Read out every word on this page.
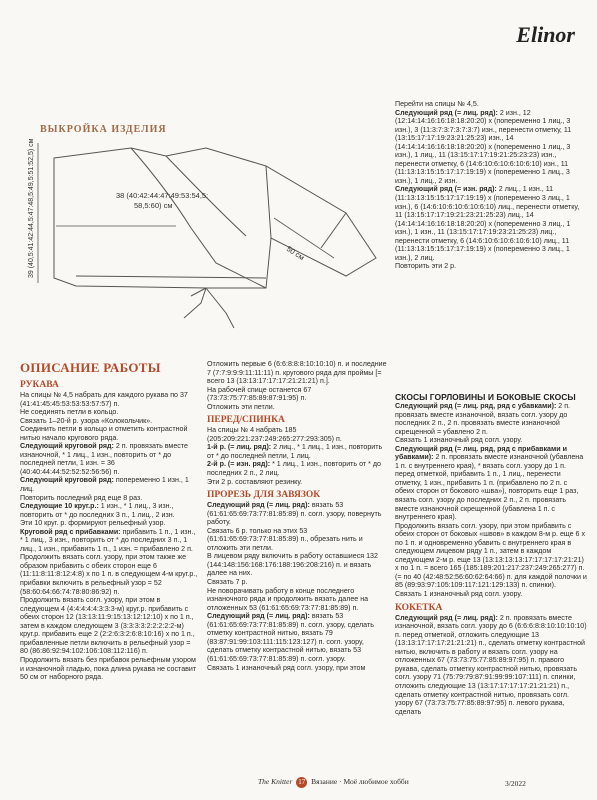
Elinor
ВЫКРОЙКА ИЗДЕЛИЯ
38 (40:42:44:47:49:53:54,5:
58,5:60) см
50 см
39 (40,5:41:42:44,5:47:48,5:49,5:51:52,5) см

Перейти на спицы № 4,5.

Следующий ряд (= лиц. ряд): 2 изн., 12 (12:14:14:16:16:18:18:20:20) х (попеременно 1 лиц., 3 изн.), 3 (11:3:7:3:7:3:7:3:7) изн., перенести отметку, 11 (13:15:17:17:19:23:21:25:23) изн., 14 (14:14:14:16:16:18:18:20:20) х (попеременно 1 лиц., 3 изн.), 1 лиц., 11 (13:15:17:17:19:21:25:23:23) изн., перенести отметку, 6 (14:6:10:6:10:6:10:6:10) изн., 11 (11:13:13:15:15:17:17:19:19) х (попеременно 1 лиц., 3 изн.), 1 лиц., 2 изн.

Следующий ряд (= изн. ряд): 2 лиц., 1 изн., 11 (11:13:13:15:15:17:17:19:19) х (попеременно 3 лиц., 1 изн.), 6 (14:6:10:6:10:6:10:6:10) лиц., перенести отметку, 11 (13:15:17:17:19:21:23:21:25:23) лиц., 14 (14:14:14:16:16:18:18:20:20) х (попеременно 3 лиц., 1 изн.), 1 изн., 11 (13:15:17:17:19:23:21:25:23) лиц., перенести отметку, 6 (14:6:10:6:10:6:10:6:10) лиц., 11 (11:13:13:15:15:17:17:19:19) х (попеременно 3 лиц., 1 изн.), 2 лиц.

Повторить эти 2 р.

ОПИСАНИЕ РАБОТЫ

РУКАВА

На спицы № 4,5 набрать для каждого рукава по 37 (41:41:45:45:53:53:53:57:57) п.

Не соединять петли в кольцо.

Связать 1–20-й р. узора «Колокольчик».

Соединить петли в кольцо и отметить контрастной нитью начало кругового ряда.

Следующий круговой ряд: 2 п. провязать вместе изнаночной, * 1 лиц., 1 изн., повторить от * до последней петли, 1 изн. = 36 (40:40:44:44:52:52:52:56:56) п.

Следующий круговой ряд: попеременно 1 изн., 1 лиц.

Повторить последний ряд еще 8 раз.

Следующие 10 круг.р.: 1 изн., * 1 лиц., 3 изн., повторить от * до последних 3 п., 1 лиц., 2 изн.

Эти 10 круг. р. формируют рельефный узор.

Круговой ряд с прибавками: прибавить 1 п., 1 изн., * 1 лиц., 3 изн., повторить от * до последних 3 п., 1 лиц., 1 изн., прибавить 1 п., 1 изн. = прибавлено 2 п.

Продолжить вязать согл. узору, при этом также же образом прибавить с обеих сторон еще 6 (11:11:8:11:8:12:4:8) х по 1 п. в следующем 4-м круг.р., прибавки включить в рельефный узор = 52 (58:60:64:66:74:78:80:86:92) п.

Продолжить вязать согл. узору, при этом в следующем 4 (4:4:4:4:4:3:3:3-м) круг.р. прибавить с обеих сторон 12 (13:13:11:9:15:13:12:12:10) х по 1 п., затем в каждом следующем 3 (3:3:3:3:2:2:2:2:2-м) круг.р. прибавить еще 2 (2:2:6:3:2:6:8:10:16) х по 1 п., прибавленные петли включить в рельефный узор = 80 (86:86:92:94:102:106:108:112:116) п.

Продолжить вязать без прибавок рельефным узором и изнаночной гладью, пока длина рукава не составит 50 см от наборного ряда.

Отложить первые 6 (6:6:8:8:8:10:10:10) п. и последние 7 (7:7:9:9:9:11:11:11) п. кругового ряда для проймы [= всего 13 (13:13:17:17:17:21:21:21) п.].

На рабочей спице останется 67 (73:73:75:77:85:89:87:91:95) п.

Отложить эти петли.

ПЕРЕД/СПИНКА

На спицы № 4 набрать 185 (205:209:221:237:249:265:277:293:305) п.

1-й р. (= лиц. ряд): 2 лиц., * 1 лиц., 1 изн., повторить от * до последней петли, 1 лиц.

2-й р. (= изн. ряд): * 1 лиц., 1 изн., повторить от * до последних 2 п., 2 лиц.

Эти 2 р. составляют резинку.

ПРОРЕЗЬ ДЛЯ ЗАВЯЗОК

Следующий ряд (= лиц. ряд): вязать 53 (61:61:65:69:73:77:81:85:89) п. согл. узору, повернуть работу.

Связать 6 р. только на этих 53 (61:61:65:69:73:77:81:85:89) п., обрезать нить и отложить эти петли.

В лицевом ряду включить в работу оставшиеся 132 (144:148:156:168:176:188:196:208:216) п. и вязать далее на них.

Связать 7 р.

Не поворачивать работу в конце последнего изнаночного ряда и продолжить вязать далее на отложенных 53 (61:61:65:69:73:77:81:85:89) п.

Следующий ряд (= лиц. ряд): вязать 53 (61:61:65:69:73:77:81:85:89) п. согл. узору, сделать отметку контрастной нитью, вязать 79 (83:87:91:99:103:111:115:123:127) п. согл. узору, сделать отметку контрастной нитью, вязать 53 (61:61:65:69:73:77:81:85:89) п. согл. узору.

Связать 1 изнаночный ряд согл. узору, при этом

СКОСЫ ГОРЛОВИНЫ И БОКОВЫЕ СКОСЫ

Следующий ряд (= лиц. ряд, ряд с убавками): 2 п. провязать вместе изнаночной, вязать согл. узору до последних 2 п., 2 п. провязать вместе изнаночной скрещенной = убавлено 2 п.

Связать 1 изнаночный ряд согл. узору.

Следующий ряд (= лиц. ряд, ряд с прибавками и убавками): 2 п. провязать вместе изнаночной (убавлена 1 п. с внутреннего края), * вязать согл. узору до 1 п. перед отметкой, прибавить 1 п., 1 лиц., перенести отметку, 1 изн., прибавить 1 п. (прибавлено по 2 п. с обеих сторон от бокового «шва»), повторить еще 1 раз, вязать согл. узору до последних 2 п., 2 п. провязать вместе изнаночной скрещенной (убавлена 1 п. с внутреннего края).

Продолжить вязать согл. узору, при этом прибавить с обеих сторон от боковых «швов» в каждом 8-м р. еще 6 х по 1 п. и одновременно убавить с внутреннего края в следующем лицевом ряду 1 п., затем в каждом следующем 2-м р. еще 13 (13:13:13:13:17:17:17:17:21:21) х по 1 п. = всего 165 (185:189:201:217:237:249:265:277) п. (= по 40 (42:48:52:56:60:62:64:66) п. для каждой полочки и 85 (89:93:97:105:109:117:121:129:133) п. спинки).

Связать 1 изнаночный ряд согл. узору.

КОКЕТКА

Следующий ряд (= лиц. ряд): 2 п. провязать вместе изнаночной, вязать согл. узору до 6 (6:6:6:8:8:10:10:10:10) п. перед отметкой, отложить следующие 13 (13:13:17:17:17:21:21:21) п., сделать отметку контрастной нитью, включить в работу и вязать согл. узору на отложенных 67 (73:73:75:77:85:89:97:95) п. правого рукава, сделать отметку контрастной нитью, провязать согл. узору 71 (75:79:79:87:91:99:99:107:111) п. спинки, отложить следующие 13 (13:17:17:17:17:21:21:21) п., сделать отметку контрастной нитью, провязать согл. узору 67 (73:73:75:77:85:89:97:95) п. левого рукава, сделать

The Knitter 17 Вязание · Моё любимое хобби	3/2022
